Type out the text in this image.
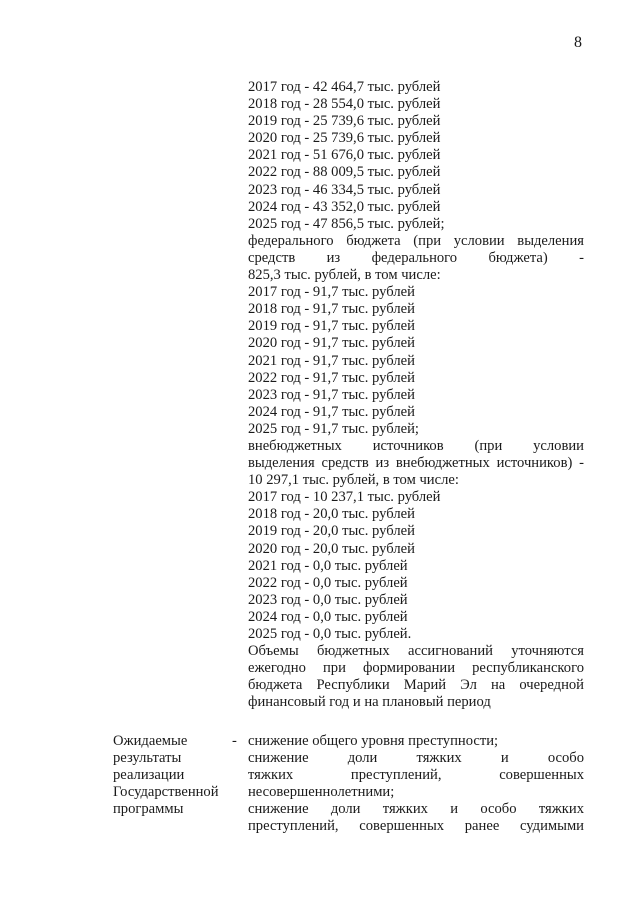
8
2017 год - 42 464,7 тыс. рублей
2018 год - 28 554,0 тыс. рублей
2019 год - 25 739,6 тыс. рублей
2020 год - 25 739,6 тыс. рублей
2021 год - 51 676,0 тыс. рублей
2022 год - 88 009,5 тыс. рублей
2023 год - 46 334,5 тыс. рублей
2024 год - 43 352,0 тыс. рублей
2025 год - 47 856,5 тыс. рублей;
федерального бюджета (при условии выделения
средств из федерального бюджета) -
825,3 тыс. рублей, в том числе:
2017 год - 91,7 тыс. рублей
2018 год - 91,7 тыс. рублей
2019 год - 91,7 тыс. рублей
2020 год - 91,7 тыс. рублей
2021 год - 91,7 тыс. рублей
2022 год - 91,7 тыс. рублей
2023 год - 91,7 тыс. рублей
2024 год - 91,7 тыс. рублей
2025 год - 91,7 тыс. рублей;
внебюджетных источников (при условии
выделения средств из внебюджетных источников) -
10 297,1 тыс. рублей, в том числе:
2017 год - 10 237,1 тыс. рублей
2018 год - 20,0 тыс. рублей
2019 год - 20,0 тыс. рублей
2020 год - 20,0 тыс. рублей
2021 год - 0,0 тыс. рублей
2022 год - 0,0 тыс. рублей
2023 год - 0,0 тыс. рублей
2024 год - 0,0 тыс. рублей
2025 год - 0,0 тыс. рублей.
Объемы бюджетных ассигнований уточняются
ежегодно при формировании республиканского
бюджета Республики Марий Эл на очередной
финансовый год и на плановый период
Ожидаемые
результаты
реализации
Государственной
программы
- снижение общего уровня преступности;
снижение доли тяжких и особо
тяжких преступлений, совершенных
несовершеннолетними;
снижение доли тяжких и особо тяжких
преступлений, совершенных ранее судимыми
